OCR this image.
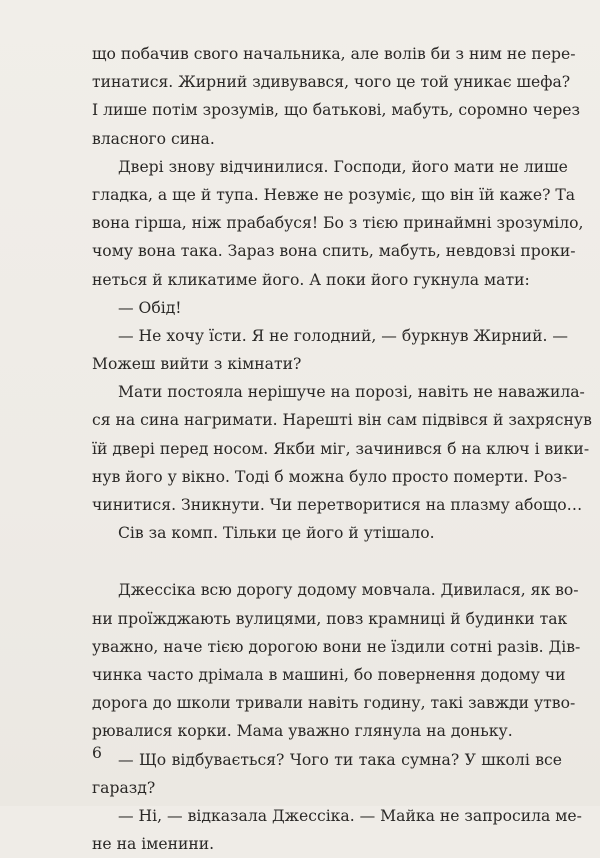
що побачив свого начальника, але волів би з ним не пере-
тинатися. Жирний здивувався, чого це той уникає шефа?
І лише потім зрозумів, що батькові, мабуть, соромно через
власного сина.
Двері знову відчинилися. Господи, його мати не лише
гладка, а ще й тупа. Невже не розуміє, що він їй каже? Та
вона гірша, ніж прабабуся! Бо з тією принаймні зрозуміло,
чому вона така. Зараз вона спить, мабуть, невдовзі проки-
неться й кликатиме його. А поки його гукнула мати:
— Обід!
— Не хочу їсти. Я не голодний, — буркнув Жирний. —
Можеш вийти з кімнати?
Мати постояла нерішуче на порозі, навіть не наважила-
ся на сина нагримати. Нарешті він сам підвівся й захряснув
їй двері перед носом. Якби міг, зачинився б на ключ і вики-
нув його у вікно. Тоді б можна було просто померти. Роз-
чинитися. Зникнути. Чи перетворитися на плазму абощо…
Сів за комп. Тільки це його й утішало.
Джессіка всю дорогу додому мовчала. Дивилася, як во-
ни проїжджають вулицями, повз крамниці й будинки так
уважно, наче тією дорогою вони не їздили сотні разів. Дів-
чинка часто дрімала в машині, бо повернення додому чи
дорога до школи тривали навіть годину, такі завжди утво-
рювалися корки. Мама уважно глянула на доньку.
— Що відбувається? Чого ти така сумна? У школі все
гаразд?
— Ні, — відказала Джессіка. — Майка не запросила ме-
не на іменини.
6
